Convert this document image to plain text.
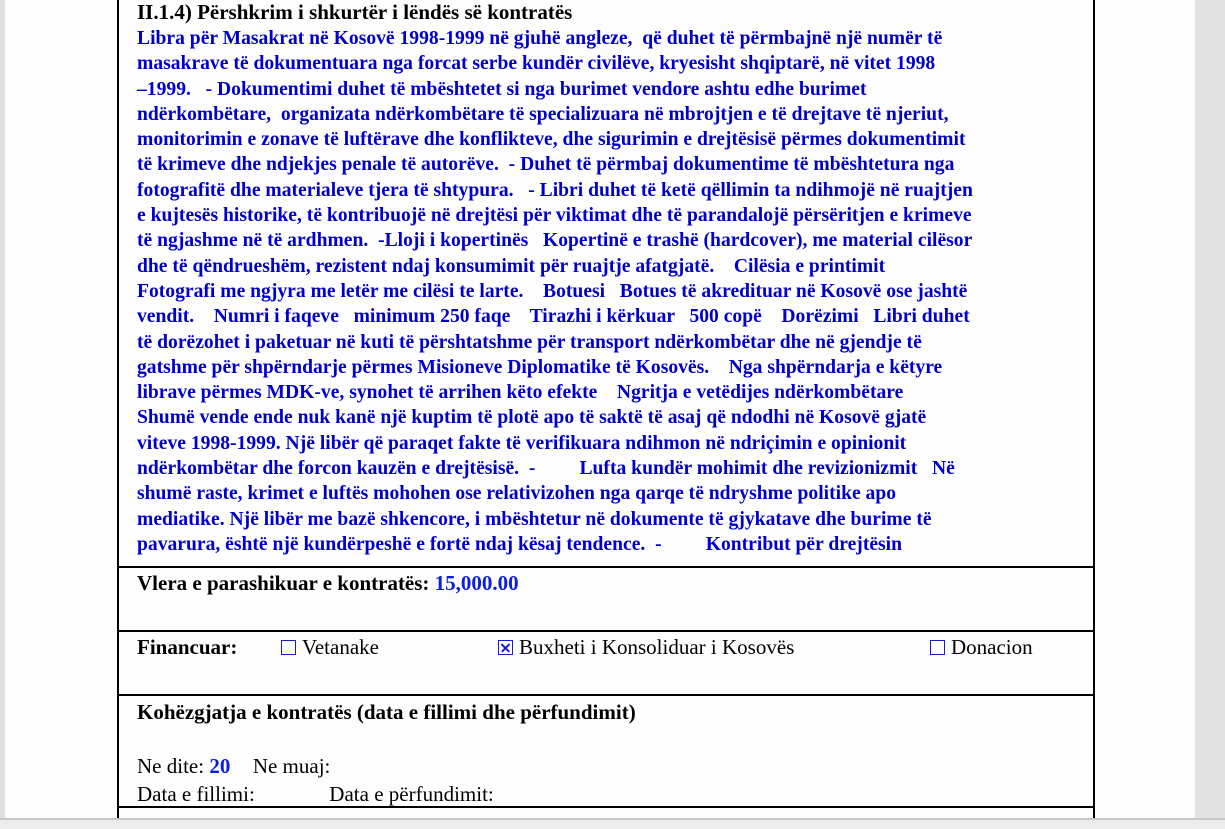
II.1.4) Përshkrim i shkurtër i lëndës së kontratës
Libra për Masakrat në Kosovë 1998-1999 në gjuhë angleze,  që duhet të përmbajnë një numër të
masakrave të dokumentuara nga forcat serbe kundër civilëve, kryesisht shqiptarë, në vitet 1998
–1999.   - Dokumentimi duhet të mbështetet si nga burimet vendore ashtu edhe burimet
ndërkombëtare,  organizata ndërkombëtare të specializuara në mbrojtjen e të drejtave të njeriut,
monitorimin e zonave të luftërave dhe konflikteve, dhe sigurimin e drejtësisë përmes dokumentimit
të krimeve dhe ndjekjes penale të autorëve.  - Duhet të përmbaj dokumentime të mbështetura nga
fotografitë dhe materialeve tjera të shtypura.   - Libri duhet të ketë qëllimin ta ndihmojë në ruajtjen
e kujtesës historike, të kontribuojë në drejtësi për viktimat dhe të parandalojë përsëritjen e krimeve
të ngjashme në të ardhmen.  -Lloji i kopertinës   Kopertinë e trashë (hardcover), me material cilësor
dhe të qëndrueshëm, rezistent ndaj konsumimit për ruajtje afatgjatë.    Cilësia e printimit
Fotografi me ngjyra me letër me cilësi te larte.    Botuesi   Botues të akredituar në Kosovë ose jashtë
vendit.    Numri i faqeve   minimum 250 faqe    Tirazhi i kërkuar   500 copë    Dorëzimi   Libri duhet
të dorëzohet i paketuar në kuti të përshtatshme për transport ndërkombëtar dhe në gjendje të
gatshme për shpërndarje përmes Misioneve Diplomatike të Kosovës.    Nga shpërndarja e këtyre
librave përmes MDK-ve, synohet të arrihen këto efekte    Ngritja e vetëdijes ndërkombëtare
Shumë vende ende nuk kanë një kuptim të plotë apo të saktë të asaj që ndodhi në Kosovë gjatë
viteve 1998-1999. Një libër që paraqet fakte të verifikuara ndihmon në ndriçimin e opinionit
ndërkombëtar dhe forcon kauzën e drejtësisë.  -         Lufta kundër mohimit dhe revizionizmit   Në
shumë raste, krimet e luftës mohohen ose relativizohen nga qarqe të ndryshme politike apo
mediatike. Një libër me bazë shkencore, i mbështetur në dokumente të gjykatave dhe burime të
pavarura, është një kundërpeshë e fortë ndaj kësaj tendence.  -         Kontribut për drejtësin
Vlera e parashikuar e kontratës: 15,000.00
Financuar:	Vetanake	Buxheti i Konsoliduar i Kosovës	Donacion
Kohëzgjatja e kontratës (data e fillimi dhe përfundimit)
Ne dite: 20 Ne muaj:
Data e fillimi:	Data e përfundimit:
